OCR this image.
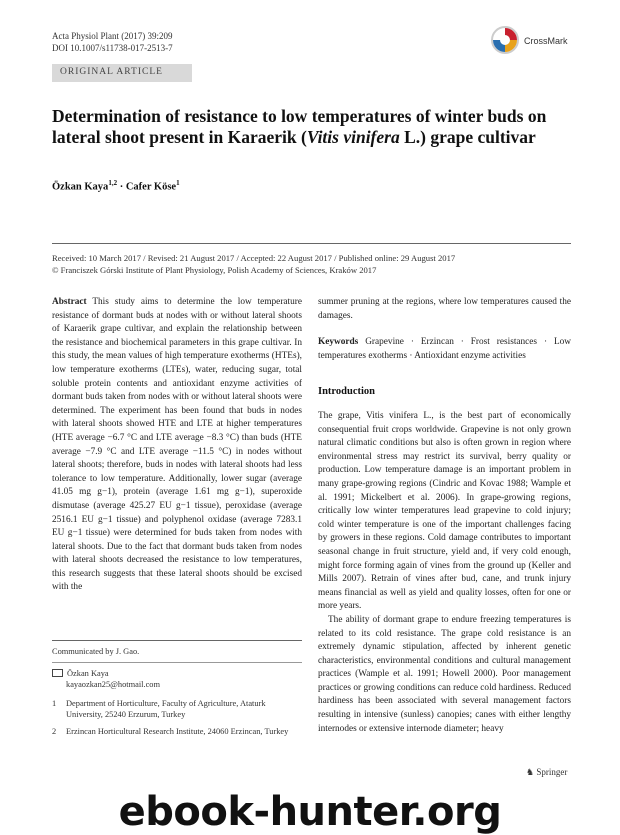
Acta Physiol Plant (2017) 39:209
DOI 10.1007/s11738-017-2513-7
CrossMark
ORIGINAL ARTICLE
Determination of resistance to low temperatures of winter buds on lateral shoot present in Karaerik (Vitis vinifera L.) grape cultivar
Özkan Kaya$^{1,2}$ · Cafer Köse$^1$
Received: 10 March 2017 / Revised: 21 August 2017 / Accepted: 22 August 2017 / Published online: 29 August 2017
© Franciszek Górski Institute of Plant Physiology, Polish Academy of Sciences, Kraków 2017
Abstract This study aims to determine the low temperature resistance of dormant buds at nodes with or without lateral shoots of Karaerik grape cultivar, and explain the relationship between the resistance and biochemical parameters in this grape cultivar. In this study, the mean values of high temperature exotherms (HTEs), low temperature exotherms (LTEs), water, reducing sugar, total soluble protein contents and antioxidant enzyme activities of dormant buds taken from nodes with or without lateral shoots were determined. The experiment has been found that buds in nodes with lateral shoots showed HTE and LTE at higher temperatures (HTE average −6.7 °C and LTE average −8.3 °C) than buds (HTE average −7.9 °C and LTE average −11.5 °C) in nodes without lateral shoots; therefore, buds in nodes with lateral shoots had less tolerance to low temperature. Additionally, lower sugar (average 41.05 mg g−1), protein (average 1.61 mg g−1), superoxide dismutase (average 425.27 EU g−1 tissue), peroxidase (average 2516.1 EU g−1 tissue) and polyphenol oxidase (average 7283.1 EU g−1 tissue) were determined for buds taken from nodes with lateral shoots. Due to the fact that dormant buds taken from nodes with lateral shoots decreased the resistance to low temperatures, this research suggests that these lateral shoots should be excised with the
summer pruning at the regions, where low temperatures caused the damages.
Keywords Grapevine · Erzincan · Frost resistances · Low temperatures exotherms · Antioxidant enzyme activities
Introduction

The grape, Vitis vinifera L., is the best part of economically consequential fruit crops worldwide. Grapevine is not only grown natural climatic conditions but also is often grown in region where environmental stress may restrict its survival, berry quality or production. Low temperature damage is an important problem in many grape-growing regions (Cindric and Kovac 1988; Wample et al. 1991; Mickelbert et al. 2006). In grape-growing regions, critically low winter temperatures lead grapevine to cold injury; cold winter temperature is one of the important challenges facing by growers in these regions. Cold damage contributes to important seasonal change in fruit structure, yield and, if very cold enough, might force forming again of vines from the ground up (Keller and Mills 2007). Retrain of vines after bud, cane, and trunk injury means financial as well as yield and quality losses, often for one or more years.

The ability of dormant grape to endure freezing temperatures is related to its cold resistance. The grape cold resistance is an extremely dynamic stipulation, affected by inherent genetic characteristics, environmental conditions and cultural management practices (Wample et al. 1991; Howell 2000). Poor management practices or growing conditions can reduce cold hardiness. Reduced hardiness has been associated with several management factors resulting in intensive (sunless) canopies; canes with either lengthy internodes or extensive internode diameter; heavy

Communicated by J. Gao.
Özkan Kaya
kayaozkan25@hotmail.com
1 Department of Horticulture, Faculty of Agriculture, Ataturk University, 25240 Erzurum, Turkey
2 Erzincan Horticultural Research Institute, 24060 Erzincan, Turkey
♞ Springer
ebook-hunter.org
